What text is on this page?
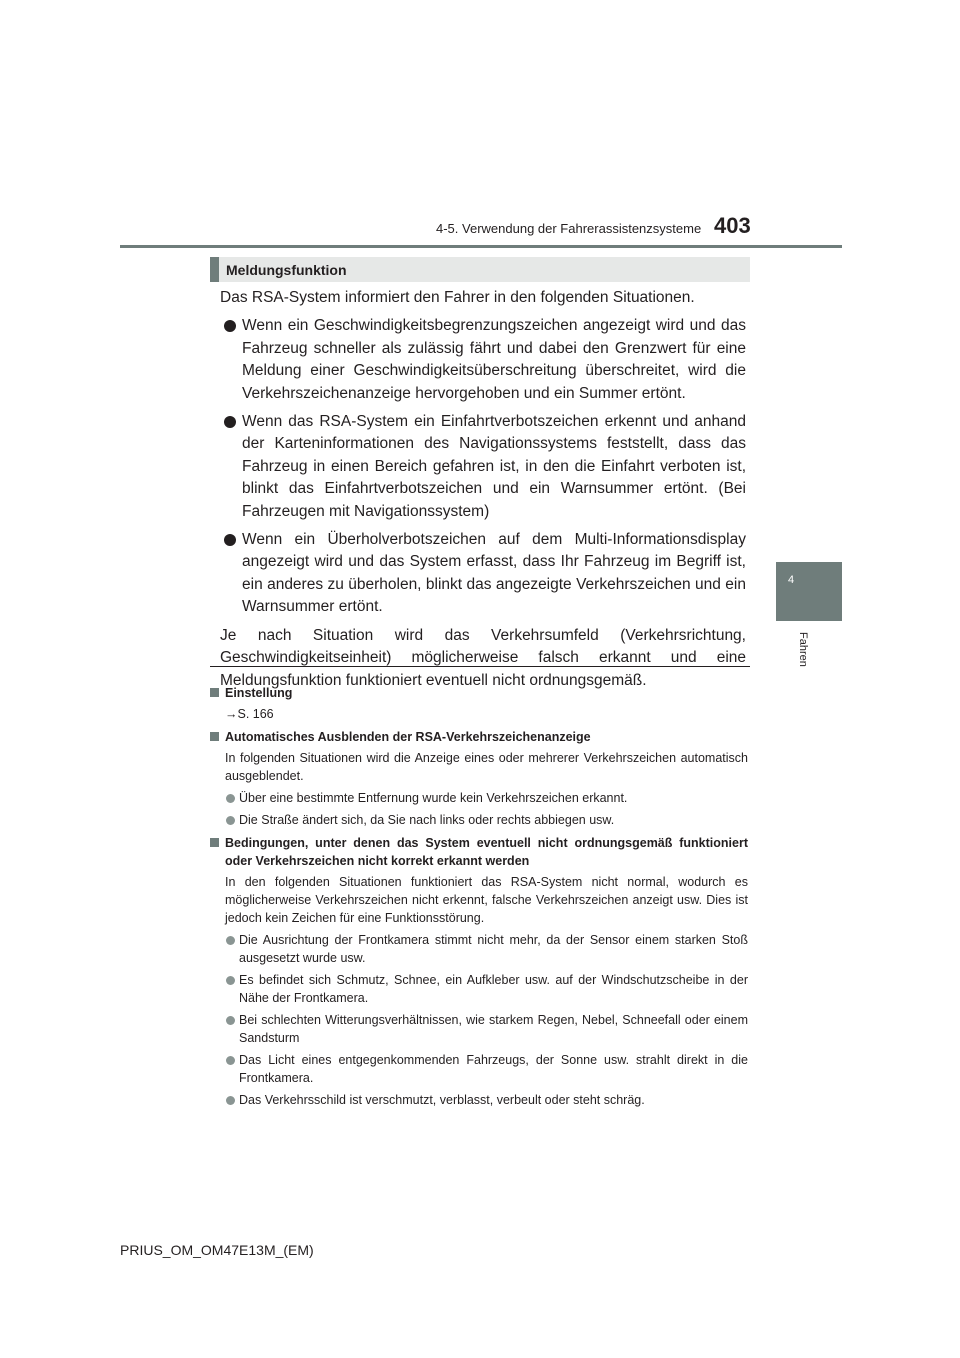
4-5. Verwendung der Fahrerassistenzsysteme 403
4
Fahren
Meldungsfunktion

Das RSA-System informiert den Fahrer in den folgenden Situationen.

Wenn ein Geschwindigkeitsbegrenzungszeichen angezeigt wird und das Fahrzeug schneller als zulässig fährt und dabei den Grenzwert für eine Meldung einer Geschwindigkeitsüberschreitung überschreitet, wird die Verkehrszeichenanzeige hervorgehoben und ein Summer ertönt.
Wenn das RSA-System ein Einfahrtverbotszeichen erkennt und anhand der Karteninformationen des Navigationssystems feststellt, dass das Fahrzeug in einen Bereich gefahren ist, in den die Einfahrt verboten ist, blinkt das Einfahrtverbotszeichen und ein Warnsummer ertönt. (Bei Fahrzeugen mit Navigationssystem)
Wenn ein Überholverbotszeichen auf dem Multi-Informationsdisplay angezeigt wird und das System erfasst, dass Ihr Fahrzeug im Begriff ist, ein anderes zu überholen, blinkt das angezeigte Verkehrszeichen und ein Warnsummer ertönt.

Je nach Situation wird das Verkehrsumfeld (Verkehrsrichtung, Geschwindigkeitseinheit) möglicherweise falsch erkannt und eine Meldungsfunktion funktioniert eventuell nicht ordnungsgemäß.

Einstellung
→S. 166
Automatisches Ausblenden der RSA-Verkehrszeichenanzeige
In folgenden Situationen wird die Anzeige eines oder mehrerer Verkehrszeichen automatisch ausgeblendet.
Über eine bestimmte Entfernung wurde kein Verkehrszeichen erkannt.
Die Straße ändert sich, da Sie nach links oder rechts abbiegen usw.
Bedingungen, unter denen das System eventuell nicht ordnungsgemäß funktioniert oder Verkehrszeichen nicht korrekt erkannt werden
In den folgenden Situationen funktioniert das RSA-System nicht normal, wodurch es möglicherweise Verkehrszeichen nicht erkennt, falsche Verkehrszeichen anzeigt usw. Dies ist jedoch kein Zeichen für eine Funktionsstörung.
Die Ausrichtung der Frontkamera stimmt nicht mehr, da der Sensor einem starken Stoß ausgesetzt wurde usw.
Es befindet sich Schmutz, Schnee, ein Aufkleber usw. auf der Windschutzscheibe in der Nähe der Frontkamera.
Bei schlechten Witterungsverhältnissen, wie starkem Regen, Nebel, Schneefall oder einem Sandsturm
Das Licht eines entgegenkommenden Fahrzeugs, der Sonne usw. strahlt direkt in die Frontkamera.
Das Verkehrsschild ist verschmutzt, verblasst, verbeult oder steht schräg.
PRIUS_OM_OM47E13M_(EM)
